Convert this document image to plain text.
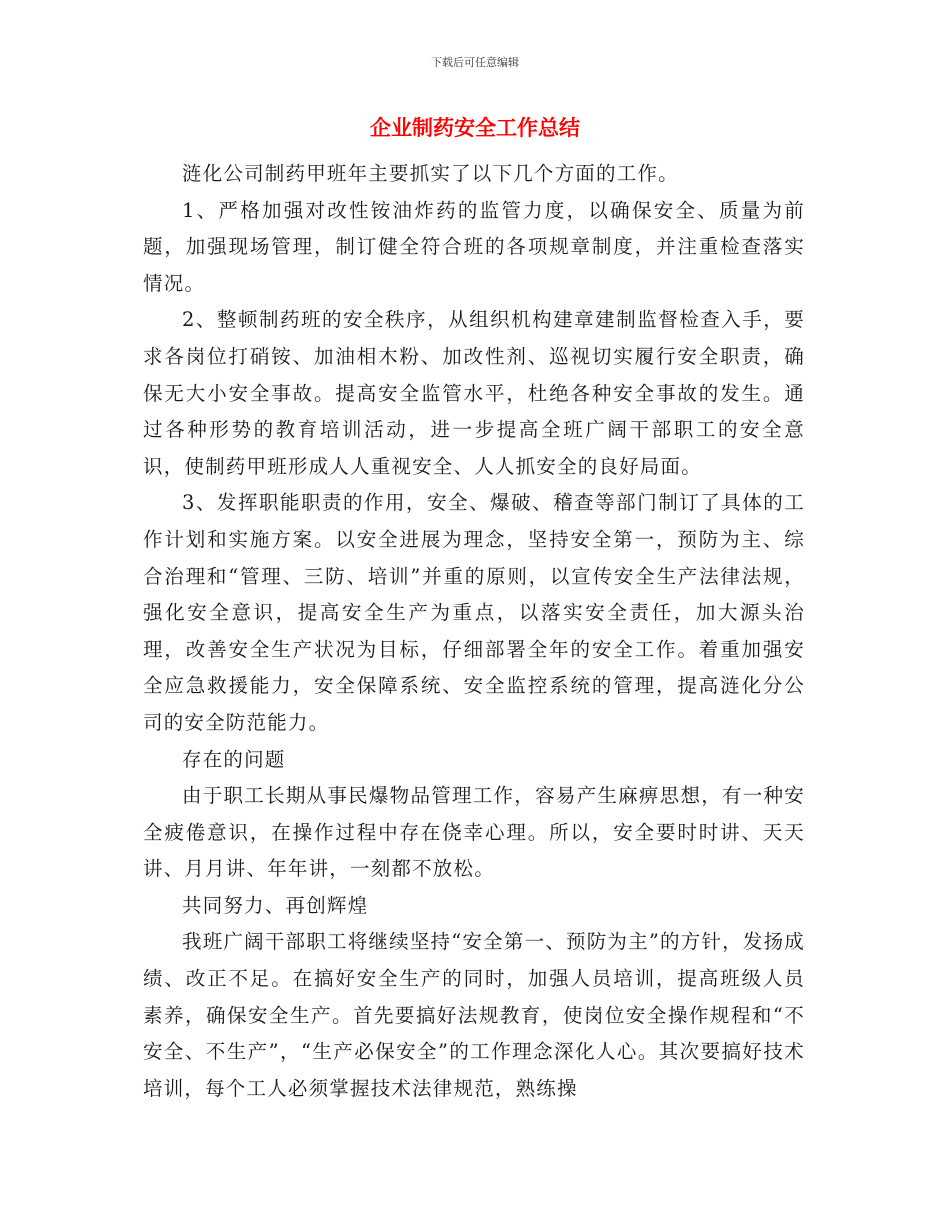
下载后可任意编辑
企业制药安全工作总结

涟化公司制药甲班年主要抓实了以下几个方面的工作。

1、严格加强对改性铵油炸药的监管力度，以确保安全、质量为前题，加强现场管理，制订健全符合班的各项规章制度，并注重检查落实情况。

2、整顿制药班的安全秩序，从组织机构建章建制监督检查入手，要求各岗位打硝铵、加油相木粉、加改性剂、巡视切实履行安全职责，确保无大小安全事故。提高安全监管水平，杜绝各种安全事故的发生。通过各种形势的教育培训活动，进一步提高全班广阔干部职工的安全意识，使制药甲班形成人人重视安全、人人抓安全的良好局面。

3、发挥职能职责的作用，安全、爆破、稽查等部门制订了具体的工作计划和实施方案。以安全进展为理念，坚持安全第一，预防为主、综合治理和“管理、三防、培训”并重的原则，以宣传安全生产法律法规，强化安全意识，提高安全生产为重点，以落实安全责任，加大源头治理，改善安全生产状况为目标，仔细部署全年的安全工作。着重加强安全应急救援能力，安全保障系统、安全监控系统的管理，提高涟化分公司的安全防范能力。

存在的问题

由于职工长期从事民爆物品管理工作，容易产生麻痹思想，有一种安全疲倦意识，在操作过程中存在侥幸心理。所以，安全要时时讲、天天讲、月月讲、年年讲，一刻都不放松。

共同努力、再创辉煌

我班广阔干部职工将继续坚持“安全第一、预防为主”的方针，发扬成绩、改正不足。在搞好安全生产的同时，加强人员培训，提高班级人员素养，确保安全生产。首先要搞好法规教育，使岗位安全操作规程和“不安全、不生产”，“生产必保安全”的工作理念深化人心。其次要搞好技术培训，每个工人必须掌握技术法律规范，熟练操
